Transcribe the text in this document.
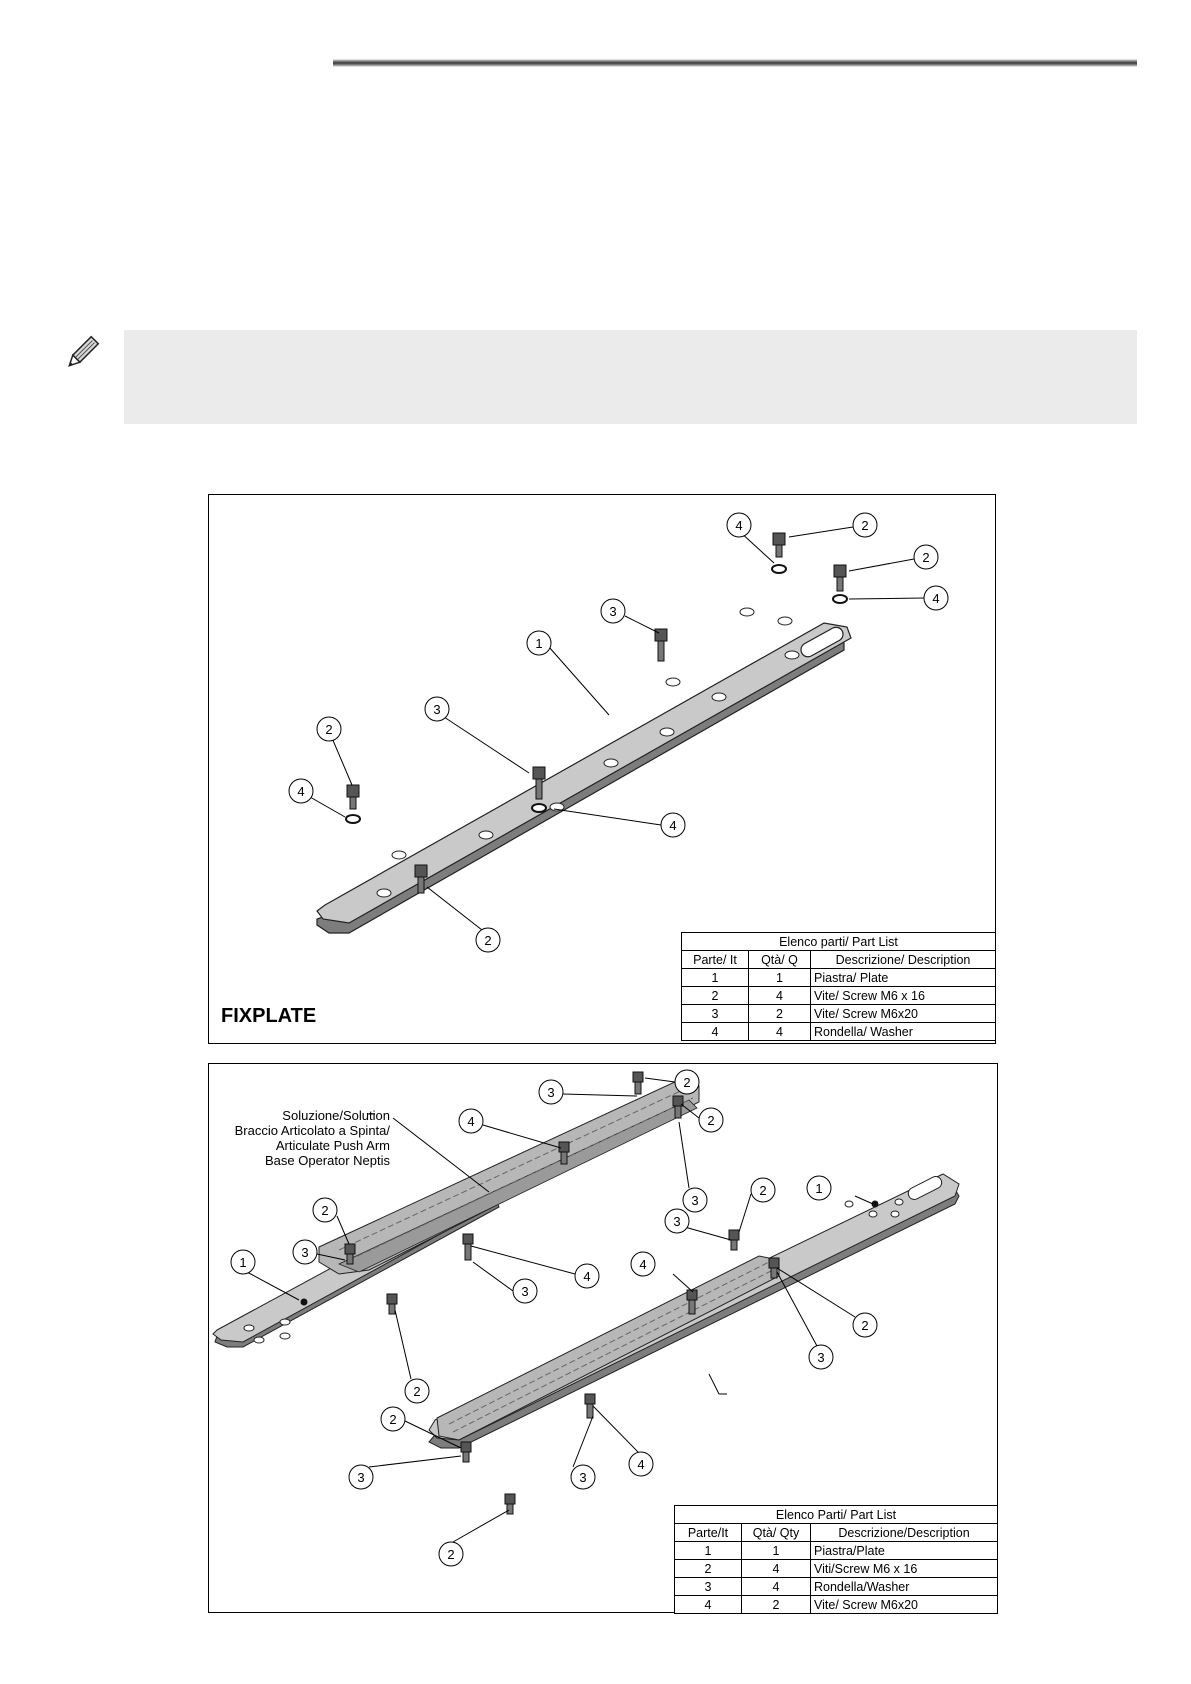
4	2
2
4
3
1
3
2
4
4
2
FIXPLATE
Elenco parti/ Part List		
Parte/ It	Qtà/ Q	Descrizione/ Description
1	1	Piastra/ Plate
2	4	Vite/ Screw M6 x 16
3	2	Vite/ Screw M6x20
4	4	Rondella/ Washer
2
3
2
4
3
1
2
3
4
3
2
2
3
1
4
2
3
4
2
3	3
2
Soluzione/Solution
Braccio Articolato a Spinta/
Articulate Push Arm
Base Operator Neptis
Elenco Parti/ Part List		
Parte/It	Qtà/ Qty	Descrizione/Description
1	1	Piastra/Plate
2	4	Viti/Screw M6 x 16
3	4	Rondella/Washer
4	2	Vite/ Screw M6x20
